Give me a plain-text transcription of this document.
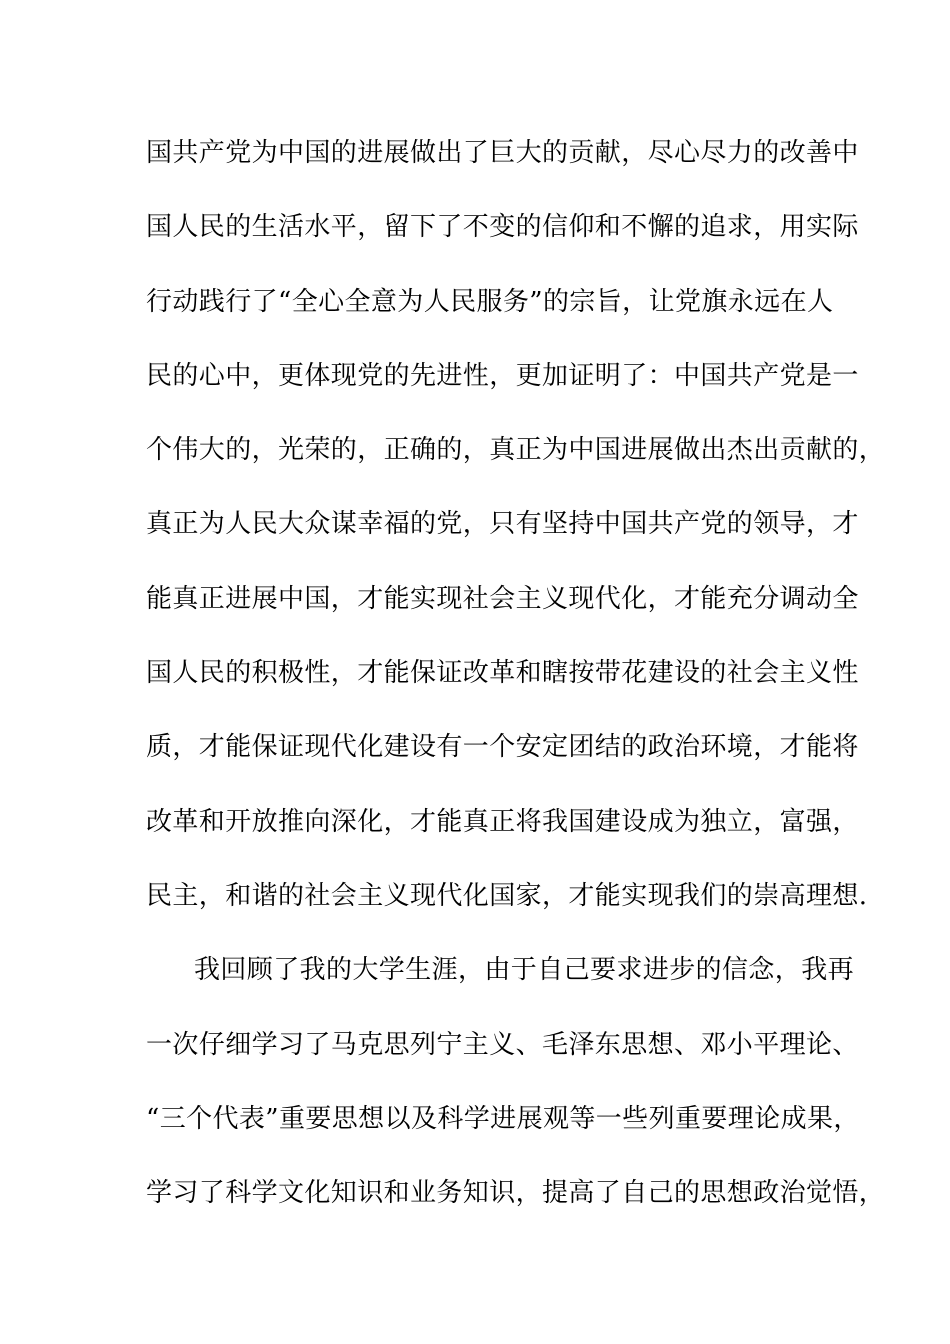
国共产党为中国的进展做出了巨大的贡献，尽心尽力的改善中
国人民的生活水平，留下了不变的信仰和不懈的追求，用实际
行动践行了“全心全意为人民服务”的宗旨，让党旗永远在人
民的心中，更体现党的先进性，更加证明了：中国共产党是一
个伟大的，光荣的，正确的，真正为中国进展做出杰出贡献的，
真正为人民大众谋幸福的党，只有坚持中国共产党的领导，才
能真正进展中国，才能实现社会主义现代化，才能充分调动全
国人民的积极性，才能保证改革和瞎按带花建设的社会主义性
质，才能保证现代化建设有一个安定团结的政治环境，才能将
改革和开放推向深化，才能真正将我国建设成为独立，富强，
民主，和谐的社会主义现代化国家，才能实现我们的崇高理想.
我回顾了我的大学生涯，由于自己要求进步的信念，我再
一次仔细学习了马克思列宁主义、毛泽东思想、邓小平理论、
“三个代表”重要思想以及科学进展观等一些列重要理论成果，
学习了科学文化知识和业务知识，提高了自己的思想政治觉悟，
